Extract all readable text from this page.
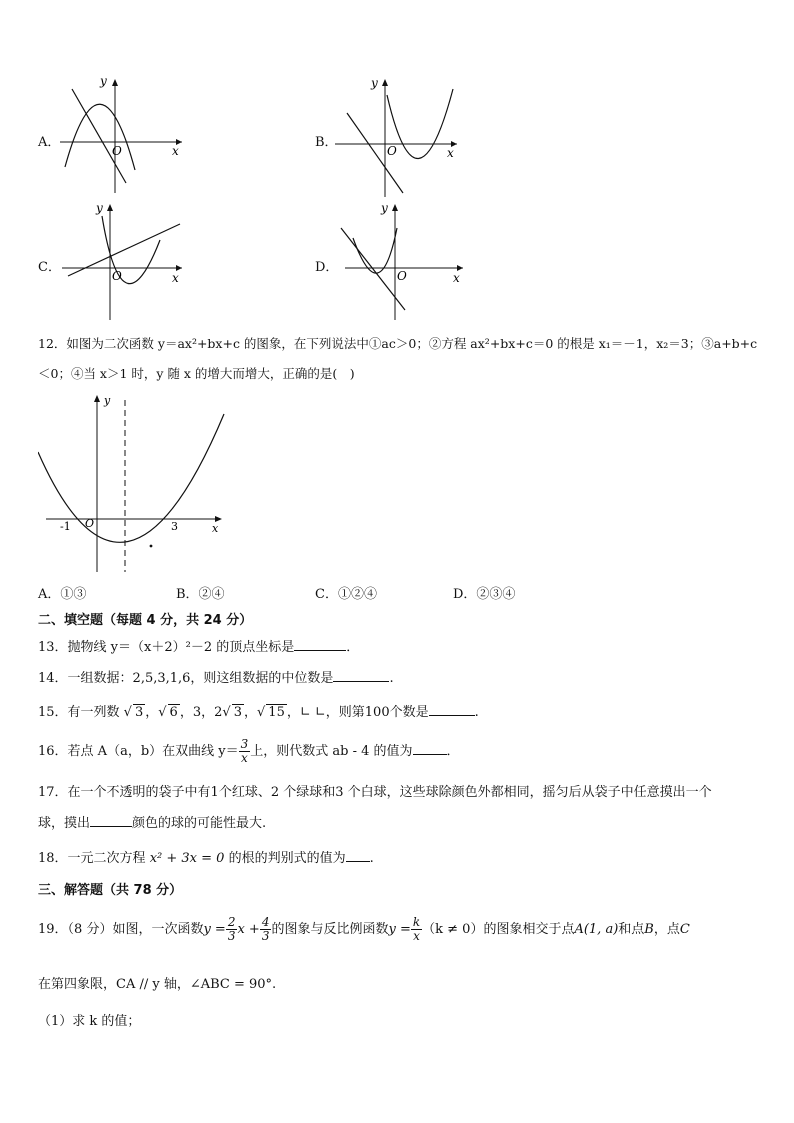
A．
y
x
O
B．
y
x
O
C．
y
x
O
D．
y
x
O
12．如图为二次函数 y＝ax²+bx+c 的图象，在下列说法中①ac＞0；②方程 ax²+bx+c＝0 的根是 x₁＝－1，x₂＝3；③a+b+c
＜0；④当 x＞1 时，y 随 x 的增大而增大，正确的是(　)
y
x
O
-1	3
A．①③	B．②④	C．①②④	D．②③④
二、填空题（每题 4 分，共 24 分）
13．抛物线 y＝（x＋2）²－2 的顶点坐标是	．
14．一组数据：2,5,3,1,6，则这组数据的中位数是	.
15．有一列数 √ 3 ，√ 6 ，3，2√ 3 ，√ 15 ，∟ ∟，则第100个数是	.
16．若点 A（a，b）在双曲线 $y= \frac{3}{x}$ 上，则代数式 ab - 4 的值为	．
17．在一个不透明的袋子中有1个红球、2 个绿球和3 个白球，这些球除颜色外都相同，摇匀后从袋子中任意摸出一个
球，摸出	颜色的球的可能性最大.
18．一元二次方程 x² + 3x = 0 的根的判别式的值为 .
三、解答题（共 78 分）
19．（8 分）如图，一次函数$y = \frac{2}{3}$ $x + \frac{4}{3}$ 的图象与反比例函数$y = \frac{k}{x} (k \ne 0)$的图象相交于点A(1, a)和点B，点C
在第四象限，CA // y 轴，∠ABC = 90°.
（1）求 k 的值；
